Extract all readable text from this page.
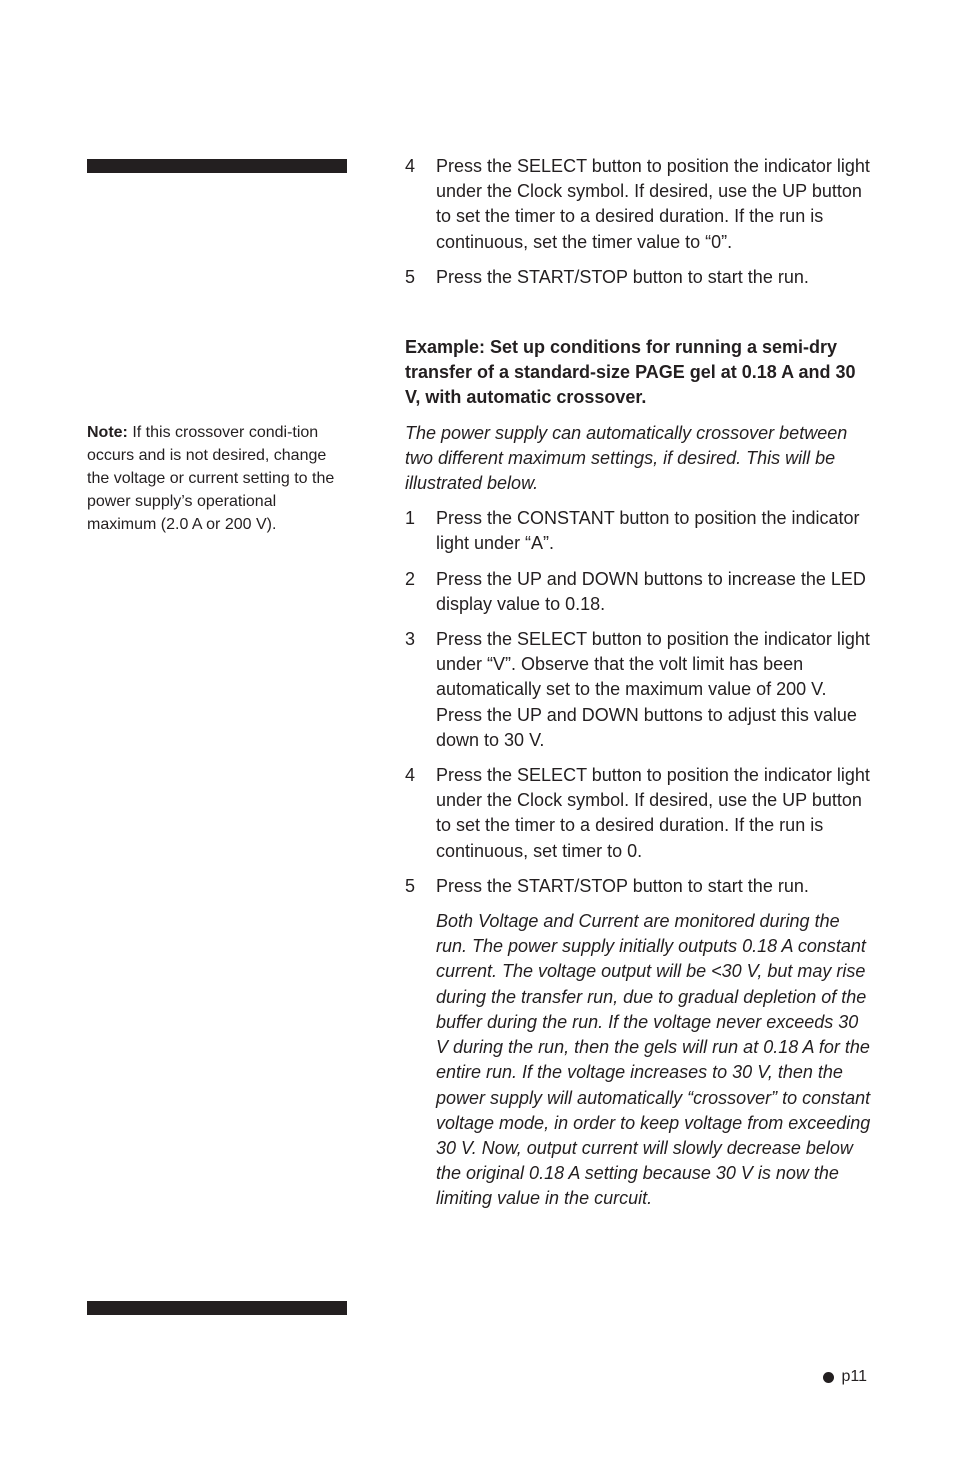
Note: If this crossover condi-tion occurs and is not desired, change the voltage or current setting to the power supply’s operational maximum (2.0 A or 200 V).
4 Press the SELECT button to position the indicator light under the Clock symbol. If desired, use the UP button to set the timer to a desired duration. If the run is continuous, set the timer value to “0”.
5 Press the START/STOP button to start the run.
Example: Set up conditions for running a semi-dry transfer of a standard-size PAGE gel at 0.18 A and 30 V, with automatic crossover.
The power supply can automatically crossover between two different maximum settings, if desired. This will be illustrated below.
1 Press the CONSTANT button to position the indicator light under “A”.
2 Press the UP and DOWN buttons to increase the LED display value to 0.18.
3 Press the SELECT button to position the indicator light under “V”. Observe that the volt limit has been automatically set to the maximum value of 200 V. Press the UP and DOWN buttons to adjust this value down to 30 V.
4 Press the SELECT button to position the indicator light under the Clock symbol. If desired, use the UP button to set the timer to a desired duration. If the run is continuous, set timer to 0.
5 Press the START/STOP button to start the run.
Both Voltage and Current are monitored during the run. The power supply initially outputs 0.18 A constant current. The voltage output will be <30 V, but may rise during the transfer run, due to gradual depletion of the buffer during the run. If the voltage never exceeds 30 V during the run, then the gels will run at 0.18 A for the entire run. If the voltage increases to 30 V, then the power supply will automatically “crossover” to constant voltage mode, in order to keep voltage from exceeding 30 V. Now, output current will slowly decrease below the original 0.18 A setting because 30 V is now the limiting value in the curcuit.
p11
